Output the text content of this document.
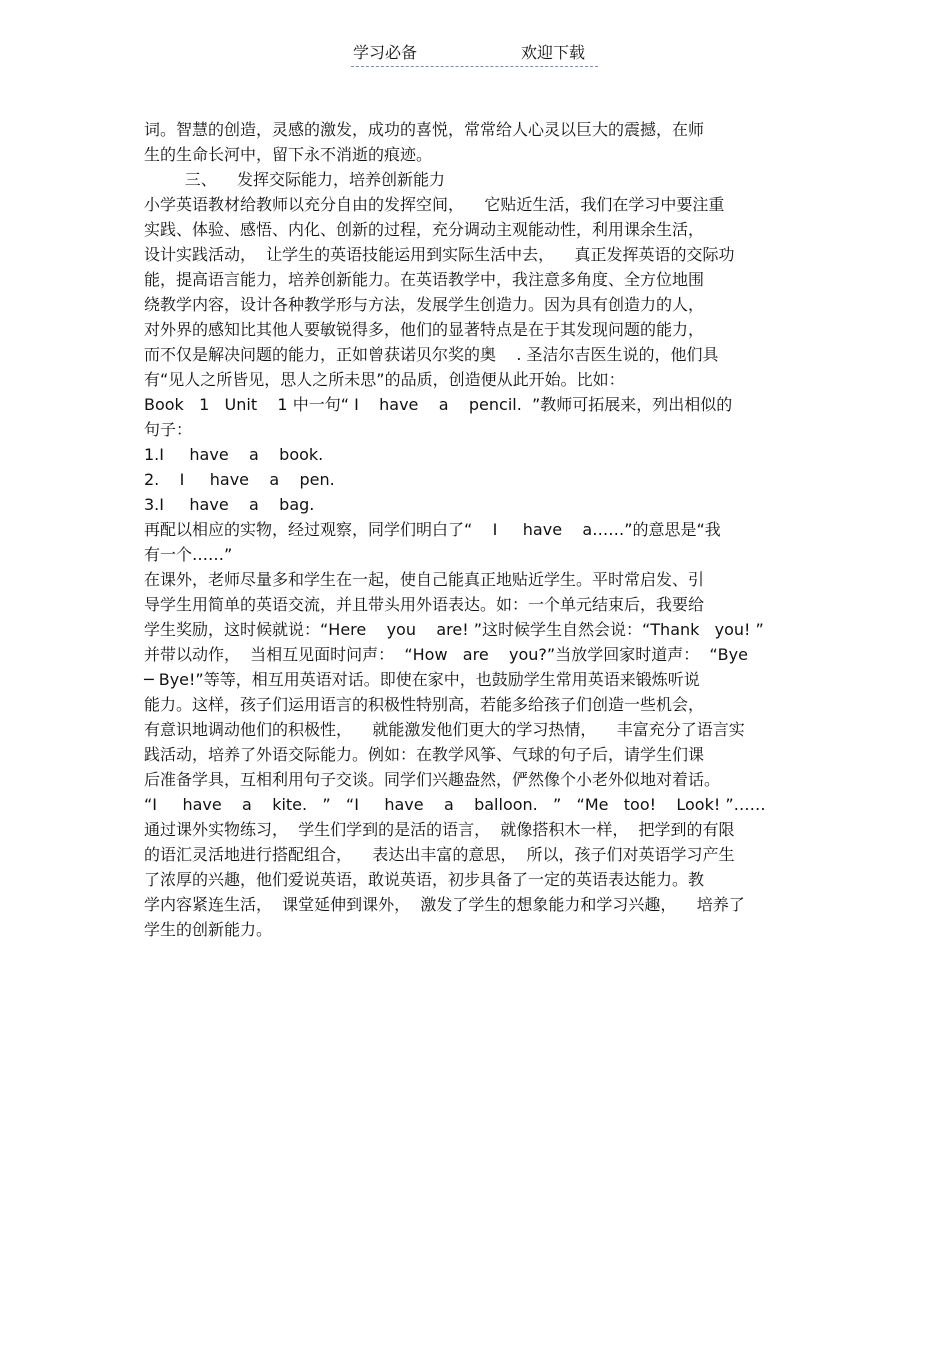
学习必备	欢迎下载
词。智慧的创造，灵感的激发，成功的喜悦，常常给人心灵以巨大的震撼，在师
生的生命长河中，留下永不消逝的痕迹。
三、    发挥交际能力，培养创新能力
小学英语教材给教师以充分自由的发挥空间，    它贴近生活，我们在学习中要注重
实践、体验、感悟、内化、创新的过程，充分调动主观能动性，利用课余生活，
设计实践活动，  让学生的英语技能运用到实际生活中去，    真正发挥英语的交际功
能，提高语言能力，培养创新能力。在英语教学中，我注意多角度、全方位地围
绕教学内容，设计各种教学形与方法，发展学生创造力。因为具有创造力的人，
对外界的感知比其他人要敏锐得多，他们的显著特点是在于其发现问题的能力，
而不仅是解决问题的能力，正如曾获诺贝尔奖的奥    . 圣洁尔吉医生说的，他们具
有“见人之所皆见，思人之所未思”的品质，创造便从此开始。比如：
Book   1   Unit    1 中一句“ I    have    a    pencil.  ”教师可拓展来，列出相似的
句子：
1.I     have    a    book.
2.    I     have    a    pen.
3.I     have    a    bag.
再配以相应的实物，经过观察，同学们明白了“    I     have    a……”的意思是“我
有一个……”
在课外，老师尽量多和学生在一起，使自己能真正地贴近学生。平时常启发、引
导学生用简单的英语交流，并且带头用外语表达。如：一个单元结束后，我要给
学生奖励，这时候就说：“Here    you    are! ”这时候学生自然会说：“Thank   you! ”
并带以动作，  当相互见面时问声：  “How   are    you?”当放学回家时道声：  “Bye
─ Bye!”等等，相互用英语对话。即使在家中，也鼓励学生常用英语来锻炼听说
能力。这样，孩子们运用语言的积极性特别高，若能多给孩子们创造一些机会，
有意识地调动他们的积极性，    就能激发他们更大的学习热情，    丰富充分了语言实
践活动，培养了外语交际能力。例如：在教学风筝、气球的句子后，请学生们课
后准备学具，互相利用句子交谈。同学们兴趣盎然，俨然像个小老外似地对着话。
“I     have    a    kite.   ”   “I     have    a    balloon.   ”   “Me   too!    Look! ”……
通过课外实物练习，  学生们学到的是活的语言，  就像搭积木一样，  把学到的有限
的语汇灵活地进行搭配组合，    表达出丰富的意思，  所以，孩子们对英语学习产生
了浓厚的兴趣，他们爱说英语，敢说英语，初步具备了一定的英语表达能力。教
学内容紧连生活，  课堂延伸到课外，  激发了学生的想象能力和学习兴趣，    培养了
学生的创新能力。
